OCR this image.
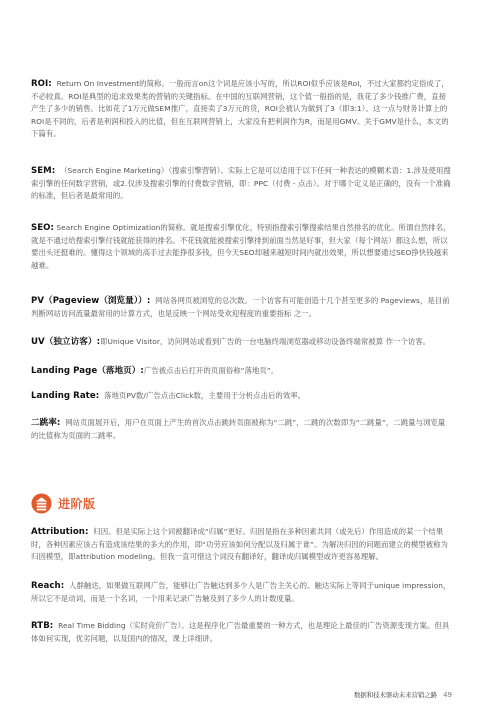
ROI: Return On Investment的简称。一般而言on这个词是应该小写的，所以ROI似乎应该是RoI，不过大家都约定俗成了，不必较真。ROI是典型的追求效果类的营销的关键指标。在中国的互联网营销，这个值一般指的是，我花了多少钱推广费，直接产生了多少的销售。比如花了1万元做SEM推广，直接卖了3万元的货，ROI会被认为做到了3（即3:1）。这一点与财务计算上的ROI是不同的，后者是利润和投入的比值，但在互联网营销上，大家没有把利润作为R，而是用GMV。关于GMV是什么，本文的下篇有。

SEM: （Search Engine Marketing）（搜索引擎营销）。实际上它是可以适用于以下任何一种表达的模糊术语：1.涉及使用搜索引擎的任何数字营销，或2.仅涉及搜索引擎的付费数字营销，即：PPC（付费 - 点击）。对于哪个定义是正确的，没有一个准确的标准，但后者是最常用的。

SEO: Search Engine Optimization的简称。就是搜索引擎优化，特别指搜索引擎搜索结果自然排名的优化。所谓自然排名，就是不通过给搜索引擎付钱就能获得的排名。不花钱就能被搜索引擎排到前面当然是好事，但大家（每个网站）都这么想，所以要出头还挺难的。懂得这个领域的高手过去能挣很多钱，但今天SEO却越来越短时间内就出效果，所以想要通过SEO挣快钱越来越难。

PV（Pageview（浏览量））: 网站各网页被浏览的总次数。一个访客有可能创造十几个甚至更多的 Pageviews，是目前判断网站访问流量最常用的计算方式，也是反映一个网站受欢迎程度的重要指标 之一。

UV（独立访客）:即Unique Visitor，访问网站或看到广告的一台电脑终端浏览器或移动设备终端常被算 作一个访客。

Landing Page（落地页）:广告被点击后打开的页面俗称“落地页”。

Landing Rate: 落地页PV数/广告点击Click数，主要用于分析点击后的效率。

二跳率: 网站页面展开后，用户在页面上产生的首次点击跳转页面被称为“二跳”，二跳的次数即为“二跳量”，二跳量与浏览量的比值称为页面的二跳率。

进阶版

Attribution: 归因。但是实际上这个词被翻译成“归属”更好。归因是指在多种因素共同（或先后）作用造成的某一个结果时，各种因素应该占有造成该结果的多大的作用，即“功劳应该如何分配以及归属于谁”。为解决归因的问题而建立的模型被称为归因模型，即attribution modeling。但我一直可惜这个词没有翻译好，翻译成归属模型或许更容易理解。

Reach: 人群触达，如果做互联网广告，能够让广告触达到多少人是广告主关心的。触达实际上等同于unique impression，所以它不是动词，而是一个名词，一个用来记录广告触及到了多少人的计数度量。

RTB: Real Time Bidding（实时竞价广告）。这是程序化广告最重要的一种方式，也是理论上最佳的广告资源变现方案。但具体如何实现，优劣问题，以及国内的情况，课上详细讲。

数据和技术驱动未来营销之路 49
